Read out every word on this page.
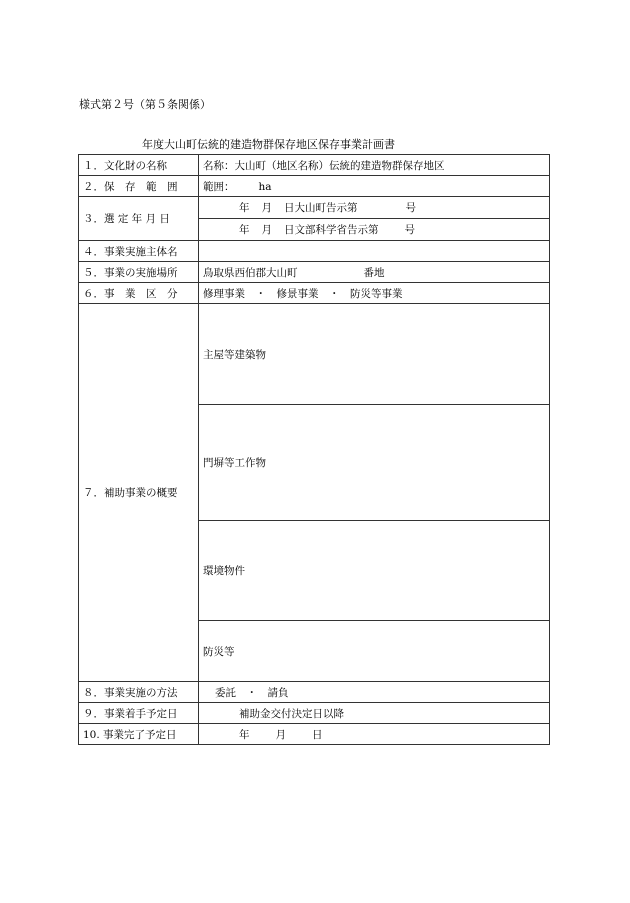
様式第２号（第５条関係）
年度大山町伝統的建造物群保存地区保存事業計画書
１．文化財の名称	名称：大山町（地区名称）伝統的建造物群保存地区
２．保　存　範　囲	範囲： ha
３．選 定 年 月 日	年 月 日大山町告示第 号
	年 月 日文部科学省告示第 号
４．事業実施主体名	
５．事業の実施場所	鳥取県西伯郡大山町 番地
６．事　業　区　分	修理事業　・　修景事業　・　防災等事業
７．補助事業の概要	主屋等建築物
	門塀等工作物
	環境物件
	防災等
８．事業実施の方法	委託　・　請負
９．事業着手予定日	補助金交付決定日以降
10. 事業完了予定日	年 月 日
